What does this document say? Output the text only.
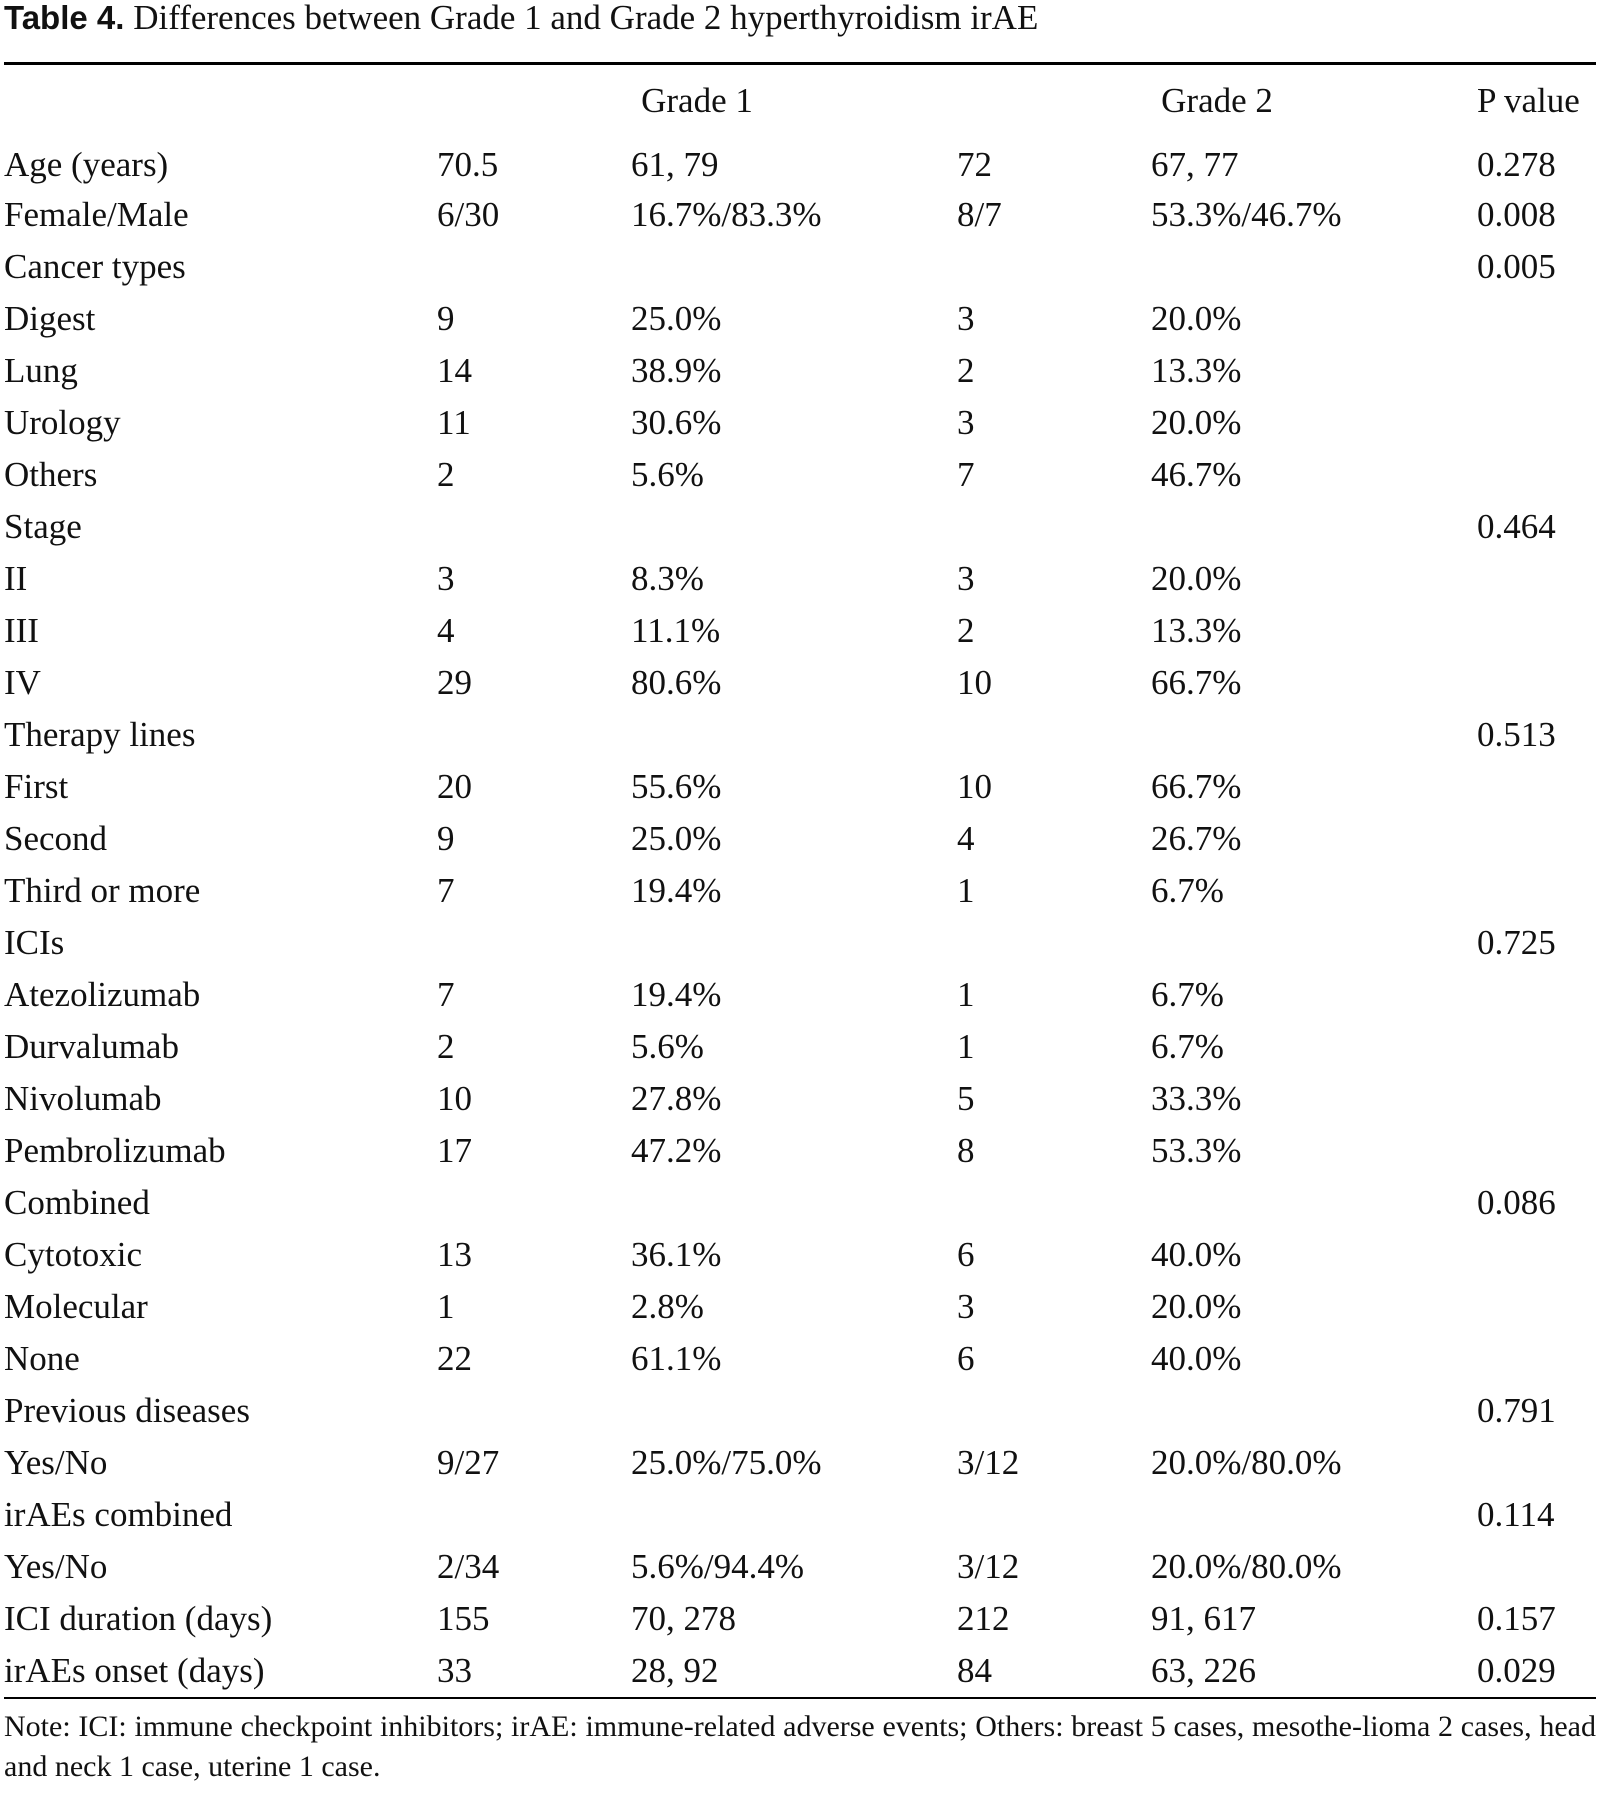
Table 4. Differences between Grade 1 and Grade 2 hyperthyroidism irAE
	Grade 1		Grade 2		P value
Age (years)	70.5	61, 79	72	67, 77	0.278
Female/Male	6/30	16.7%/83.3%	8/7	53.3%/46.7%	0.008
Cancer types					0.005
Digest	9	25.0%	3	20.0%	
Lung	14	38.9%	2	13.3%	
Urology	11	30.6%	3	20.0%	
Others	2	5.6%	7	46.7%	
Stage					0.464
II	3	8.3%	3	20.0%	
III	4	11.1%	2	13.3%	
IV	29	80.6%	10	66.7%	
Therapy lines					0.513
First	20	55.6%	10	66.7%	
Second	9	25.0%	4	26.7%	
Third or more	7	19.4%	1	6.7%	
ICIs					0.725
Atezolizumab	7	19.4%	1	6.7%	
Durvalumab	2	5.6%	1	6.7%	
Nivolumab	10	27.8%	5	33.3%	
Pembrolizumab	17	47.2%	8	53.3%	
Combined					0.086
Cytotoxic	13	36.1%	6	40.0%	
Molecular	1	2.8%	3	20.0%	
None	22	61.1%	6	40.0%	
Previous diseases					0.791
Yes/No	9/27	25.0%/75.0%	3/12	20.0%/80.0%	
irAEs combined					0.114
Yes/No	2/34	5.6%/94.4%	3/12	20.0%/80.0%	
ICI duration (days)	155	70, 278	212	91, 617	0.157
irAEs onset (days)	33	28, 92	84	63, 226	0.029
Note: ICI: immune checkpoint inhibitors; irAE: immune-related adverse events; Others: breast 5 cases, mesothe-lioma 2 cases, head and neck 1 case, uterine 1 case.
